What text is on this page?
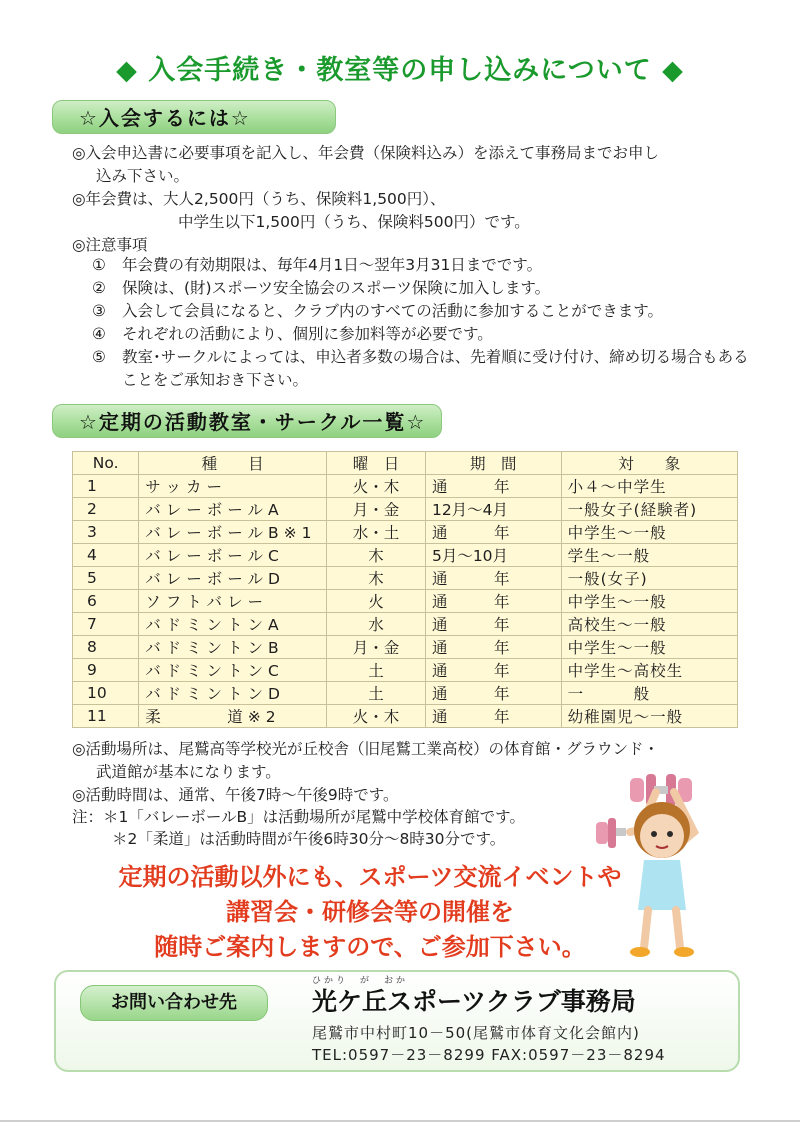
◆ 入会手続き・教室等の申し込みについて ◆
☆入会するには☆
◎入会申込書に必要事項を記入し、年会費（保険料込み）を添えて事務局までお申し
込み下さい。
◎年会費は、大人2,500円（うち、保険料1,500円）、
中学生以下1,500円（うち、保険料500円）です。
◎注意事項
① 年会費の有効期限は、毎年4月1日～翌年3月31日までです。
② 保険は、(財)スポーツ安全協会のスポーツ保険に加入します。
③ 入会して会員になると、クラブ内のすべての活動に参加することができます。
④ それぞれの活動により、個別に参加料等が必要です。
⑤ 教室･サークルによっては、申込者多数の場合は、先着順に受け付け、締め切る場合もあることをご承知おき下さい。
☆定期の活動教室・サークル一覧☆
No.	種　　目	曜　日	期　間	対　　象
1	サッカー	火・木	通　　　年	小４～中学生
2	バレーボールA	月・金	12月～4月	一般女子(経験者)
3	バレーボールB※1	水・土	通　　　年	中学生～一般
4	バレーボールC	木	5月～10月	学生～一般
5	バレーボールD	木	通　　　年	一般(女子)
6	ソフトバレー	火	通　　　年	中学生～一般
7	バドミントンA	水	通　　　年	高校生～一般
8	バドミントンB	月・金	通　　　年	中学生～一般
9	バドミントンC	土	通　　　年	中学生～高校生
10	バドミントンD	土	通　　　年	一　　　般
11	柔　　　道※2	火・木	通　　　年	幼稚園児～一般
◎活動場所は、尾鷲高等学校光が丘校舎（旧尾鷲工業高校）の体育館・グラウンド・
武道館が基本になります。
◎活動時間は、通常、午後7時～午後9時です。
注：＊1「バレーボールB」は活動場所が尾鷲中学校体育館です。
＊2「柔道」は活動時間が午後6時30分～8時30分です。
定期の活動以外にも、スポーツ交流イベントや
講習会・研修会等の開催を
随時ご案内しますので、ご参加下さい。
お問い合わせ先
ひかり　が　おか
光ケ丘スポーツクラブ事務局
尾鷲市中村町10－50(尾鷲市体育文化会館内)
TEL:0597－23－8299 FAX:0597－23－8294
